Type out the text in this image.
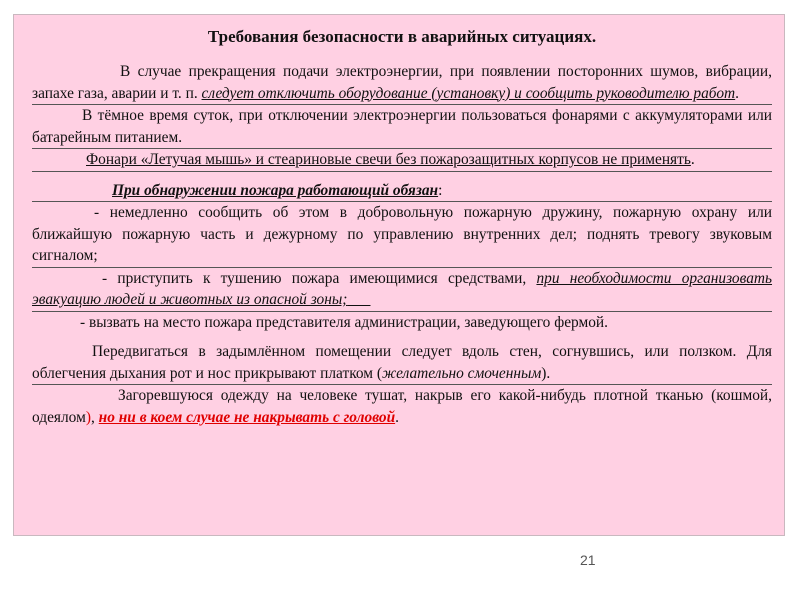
Требования безопасности в аварийных ситуациях.

В случае прекращения подачи электроэнергии, при появлении посторонних шумов, вибрации, запахе газа, аварии и т. п. следует отключить оборудование (установку) и сообщить руководителю работ.

В тёмное время суток, при отключении электроэнергии пользоваться фонарями с аккумуляторами или батарейным питанием.

Фонари «Летучая мышь» и стеариновые свечи без пожарозащитных корпусов не применять.

При обнаружении пожара работающий обязан:

- немедленно сообщить об этом в добровольную пожарную дружину, пожарную охрану или ближайшую пожарную часть и дежурному по управлению внутренних дел; поднять тревогу звуковым сигналом;

- приступить к тушению пожара имеющимися средствами, при необходимости организовать эвакуацию людей и животных из опасной зоны;

- вызвать на место пожара представителя администрации, заведующего фермой.

Передвигаться в задымлённом помещении следует вдоль стен, согнувшись, или ползком. Для облегчения дыхания рот и нос прикрывают платком (желательно смоченным).

Загоревшуюся одежду на человеке тушат, накрыв его какой-нибудь плотной тканью (кошмой, одеялом), но ни в коем случае не накрывать с головой.

21
